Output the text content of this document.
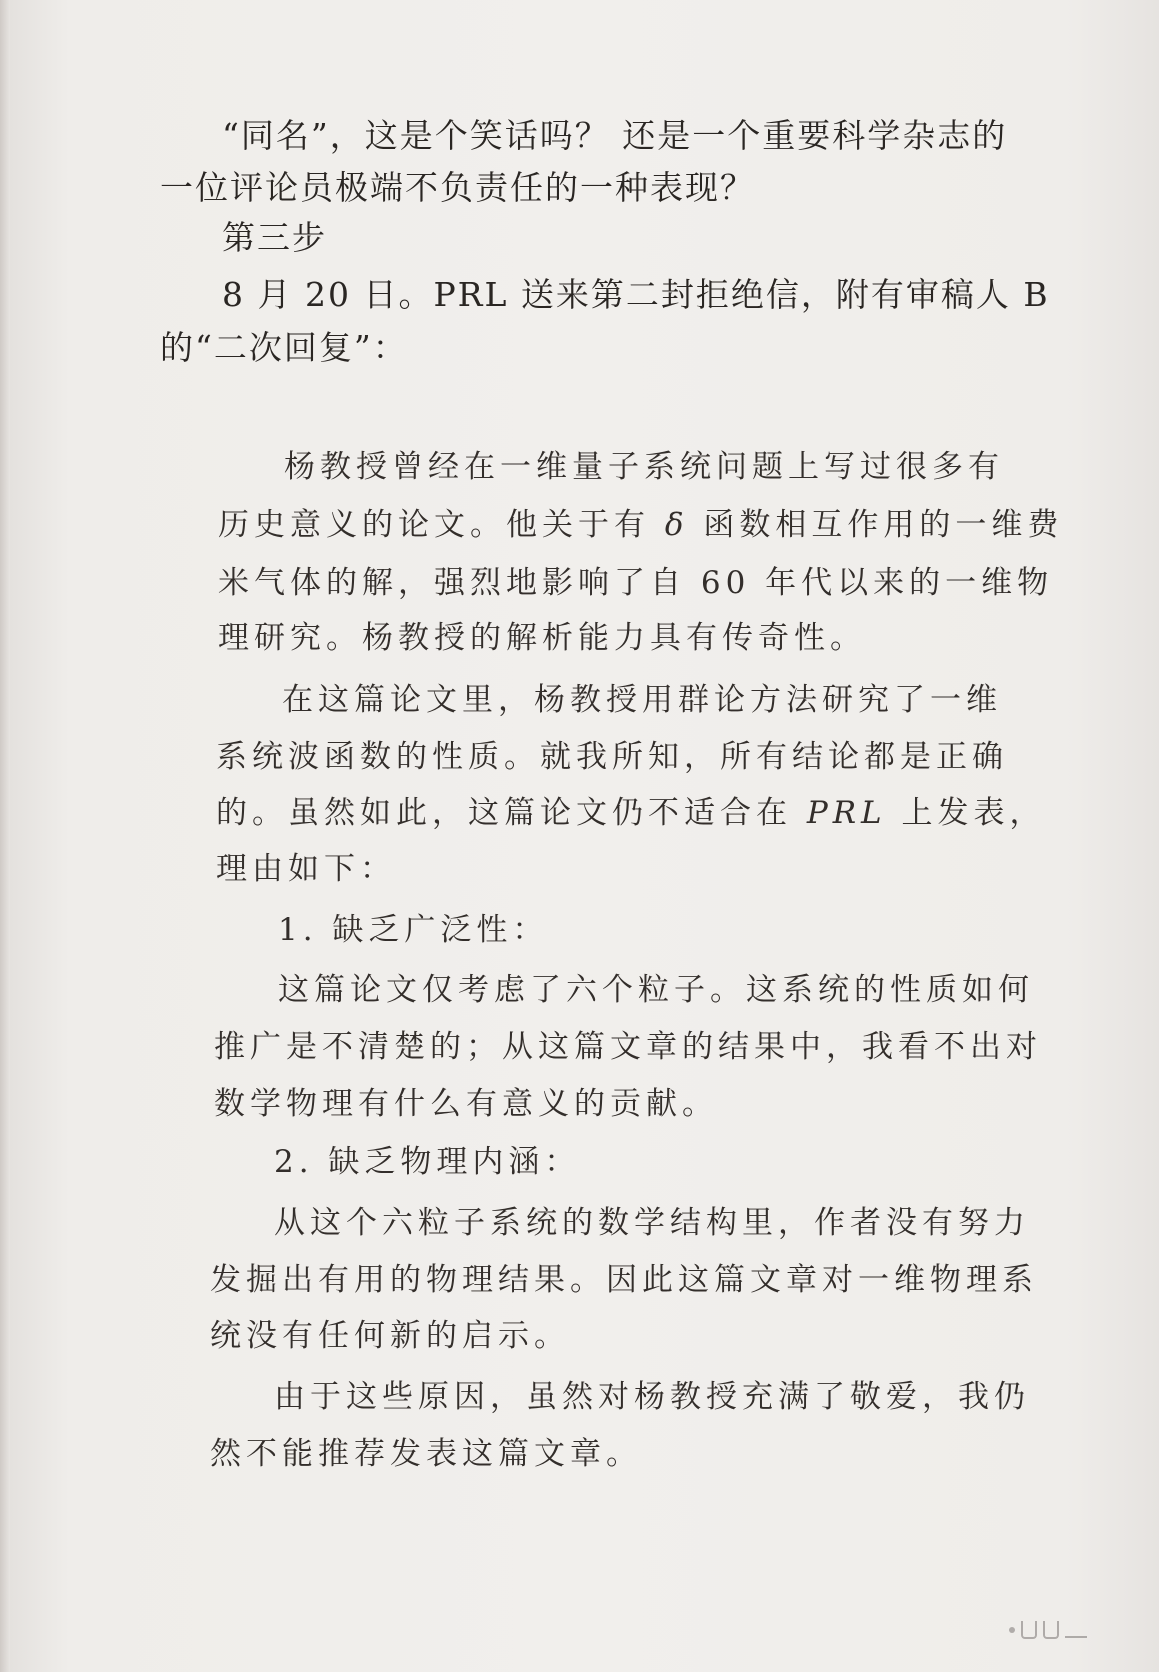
“同名”，这是个笑话吗？ 还是一个重要科学杂志的

一位评论员极端不负责任的一种表现？

第三步

8 月 20 日。PRL 送来第二封拒绝信，附有审稿人 B

的“二次回复”：

杨教授曾经在一维量子系统问题上写过很多有

历史意义的论文。他关于有 δ 函数相互作用的一维费

米气体的解，强烈地影响了自 60 年代以来的一维物

理研究。杨教授的解析能力具有传奇性。

在这篇论文里，杨教授用群论方法研究了一维

系统波函数的性质。就我所知，所有结论都是正确

的。虽然如此，这篇论文仍不适合在 PRL 上发表，

理由如下：

1. 缺乏广泛性：

这篇论文仅考虑了六个粒子。这系统的性质如何

推广是不清楚的；从这篇文章的结果中，我看不出对

数学物理有什么有意义的贡献。

2. 缺乏物理内涵：

从这个六粒子系统的数学结构里，作者没有努力

发掘出有用的物理结果。因此这篇文章对一维物理系

统没有任何新的启示。

由于这些原因，虽然对杨教授充满了敬爱，我仍

然不能推荐发表这篇文章。
